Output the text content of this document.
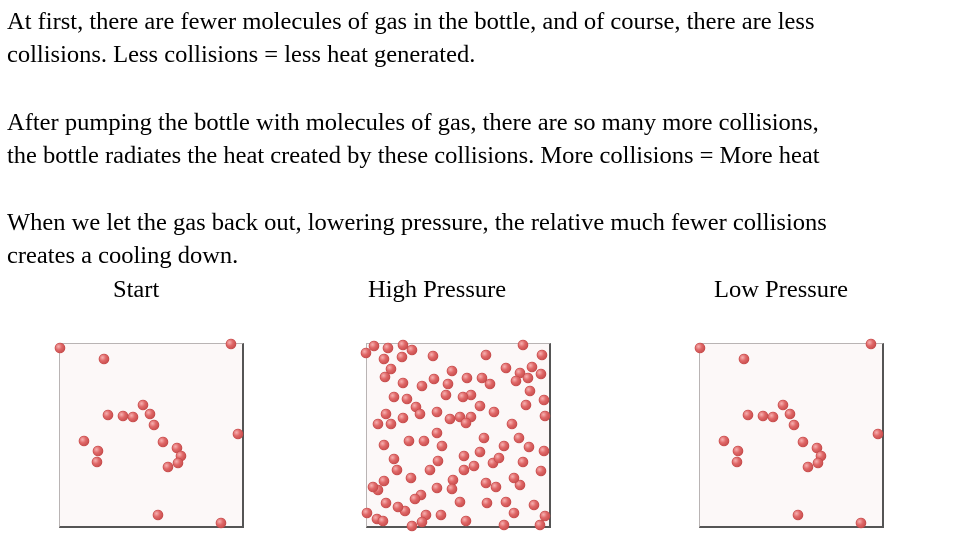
At first, there are fewer molecules of gas in the bottle, and of course, there are less
collisions. Less collisions = less heat generated.
After pumping the bottle with molecules of gas, there are so many more collisions,
the bottle radiates the heat created by these collisions. More collisions = More heat
When we let the gas back out, lowering pressure, the relative much fewer collisions
creates a cooling down.
Start	High Pressure	Low Pressure
